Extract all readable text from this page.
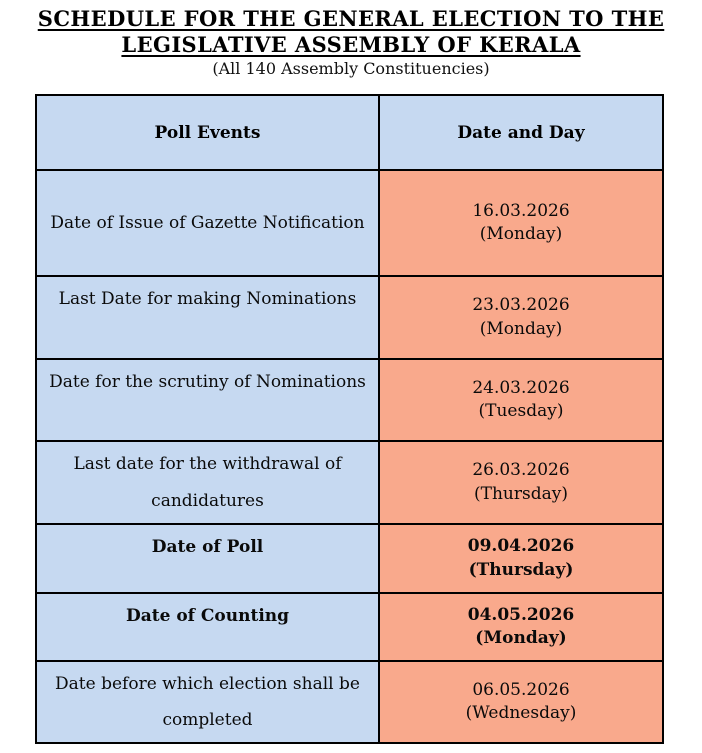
SCHEDULE FOR THE GENERAL ELECTION TO THE
LEGISLATIVE ASSEMBLY OF KERALA
(All 140 Assembly Constituencies)
Poll Events	Date and Day
Date of Issue of Gazette Notification	16.03.2026
(Monday)

Last Date for making Nominations	23.03.2026
(Monday)

Date for the scrutiny of Nominations	24.03.2026
(Tuesday)

Last date for the withdrawal of candidatures	26.03.2026
(Thursday)

Date of Poll	09.04.2026
(Thursday)

Date of Counting	04.05.2026
(Monday)

Date before which election shall be completed	06.05.2026
(Wednesday)
